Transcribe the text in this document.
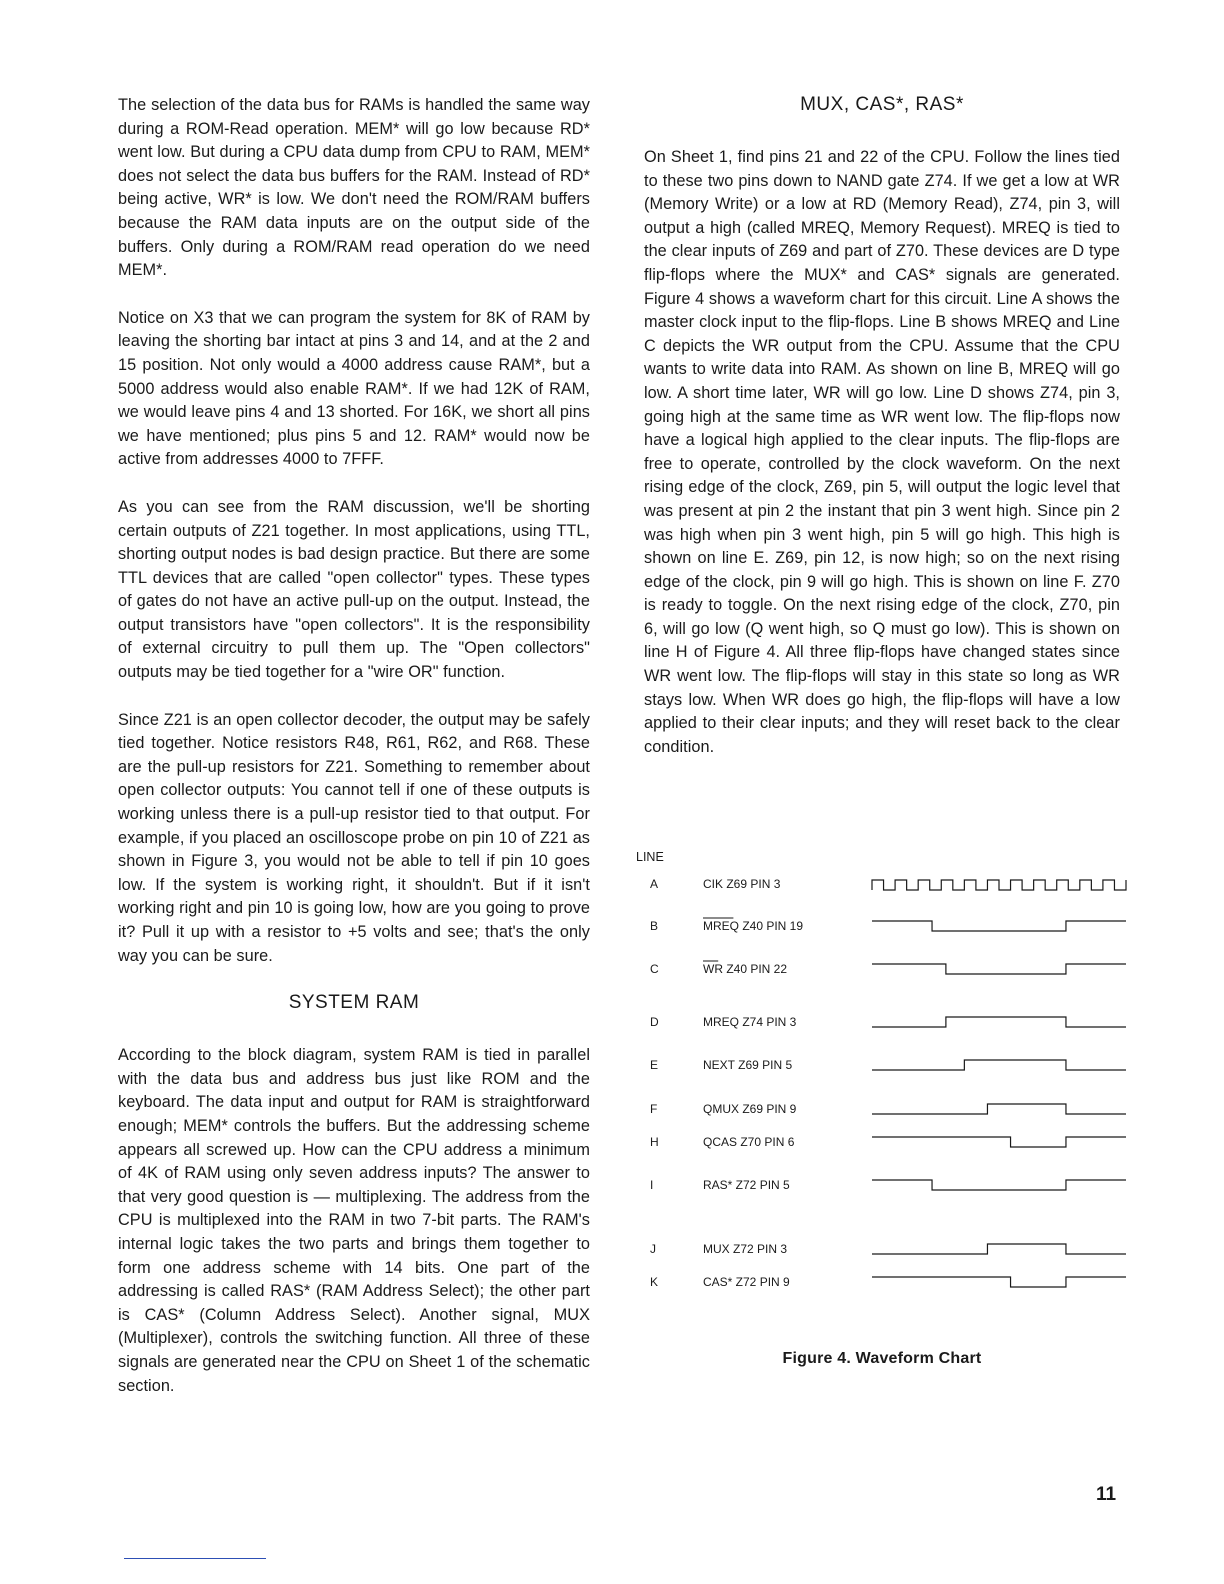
The selection of the data bus for RAMs is handled the same way during a ROM-Read operation. MEM* will go low because RD* went low. But during a CPU data dump from CPU to RAM, MEM* does not select the data bus buffers for the RAM. Instead of RD* being active, WR* is low. We don't need the ROM/RAM buffers because the RAM data inputs are on the output side of the buffers. Only during a ROM/RAM read operation do we need MEM*.

Notice on X3 that we can program the system for 8K of RAM by leaving the shorting bar intact at pins 3 and 14, and at the 2 and 15 position. Not only would a 4000 address cause RAM*, but a 5000 address would also enable RAM*. If we had 12K of RAM, we would leave pins 4 and 13 shorted. For 16K, we short all pins we have mentioned; plus pins 5 and 12. RAM* would now be active from addresses 4000 to 7FFF.

As you can see from the RAM discussion, we'll be shorting certain outputs of Z21 together. In most applications, using TTL, shorting output nodes is bad design practice. But there are some TTL devices that are called "open collector" types. These types of gates do not have an active pull-up on the output. Instead, the output transistors have "open collectors". It is the responsibility of external circuitry to pull them up. The "Open collectors" outputs may be tied together for a "wire OR" function.

Since Z21 is an open collector decoder, the output may be safely tied together. Notice resistors R48, R61, R62, and R68. These are the pull-up resistors for Z21. Something to remember about open collector outputs: You cannot tell if one of these outputs is working unless there is a pull-up resistor tied to that output. For example, if you placed an oscilloscope probe on pin 10 of Z21 as shown in Figure 3, you would not be able to tell if pin 10 goes low. If the system is working right, it shouldn't. But if it isn't working right and pin 10 is going low, how are you going to prove it? Pull it up with a resistor to +5 volts and see; that's the only way you can be sure.

SYSTEM RAM

According to the block diagram, system RAM is tied in parallel with the data bus and address bus just like ROM and the keyboard. The data input and output for RAM is straightforward enough; MEM* controls the buffers. But the addressing scheme appears all screwed up. How can the CPU address a minimum of 4K of RAM using only seven address inputs? The answer to that very good question is — multiplexing. The address from the CPU is multiplexed into the RAM in two 7-bit parts. The RAM's internal logic takes the two parts and brings them together to form one address scheme with 14 bits. One part of the addressing is called RAS* (RAM Address Select); the other part is CAS* (Column Address Select). Another signal, MUX (Multiplexer), controls the switching function. All three of these signals are generated near the CPU on Sheet 1 of the schematic section.

MUX, CAS*, RAS*

On Sheet 1, find pins 21 and 22 of the CPU. Follow the lines tied to these two pins down to NAND gate Z74. If we get a low at WR (Memory Write) or a low at RD (Memory Read), Z74, pin 3, will output a high (called MREQ, Memory Request). MREQ is tied to the clear inputs of Z69 and part of Z70. These devices are D type flip-flops where the MUX* and CAS* signals are generated. Figure 4 shows a waveform chart for this circuit. Line A shows the master clock input to the flip-flops. Line B shows MREQ and Line C depicts the WR output from the CPU. Assume that the CPU wants to write data into RAM. As shown on line B, MREQ will go low. A short time later, WR will go low. Line D shows Z74, pin 3, going high at the same time as WR went low. The flip-flops now have a logical high applied to the clear inputs. The flip-flops are free to operate, controlled by the clock waveform. On the next rising edge of the clock, Z69, pin 5, will output the logic level that was present at pin 2 the instant that pin 3 went high. Since pin 2 was high when pin 3 went high, pin 5 will go high. This high is shown on line E. Z69, pin 12, is now high; so on the next rising edge of the clock, pin 9 will go high. This is shown on line F. Z70 is ready to toggle. On the next rising edge of the clock, Z70, pin 6, will go low (Q went high, so Q must go low). This is shown on line H of Figure 4. All three flip-flops have changed states since WR went low. The flip-flops will stay in this state so long as WR stays low. When WR does go high, the flip-flops will have a low applied to their clear inputs; and they will reset back to the clear condition.

LINE
A	CIK Z69 PIN 3
B	MREQ Z40 PIN 19
C	WR Z40 PIN 22
D	MREQ Z74 PIN 3
E	NEXT Z69 PIN 5
F	QMUX Z69 PIN 9
H	QCAS Z70 PIN 6
I	RAS* Z72 PIN 5
J	MUX Z72 PIN 3
K	CAS* Z72 PIN 9
Figure 4. Waveform Chart
11
